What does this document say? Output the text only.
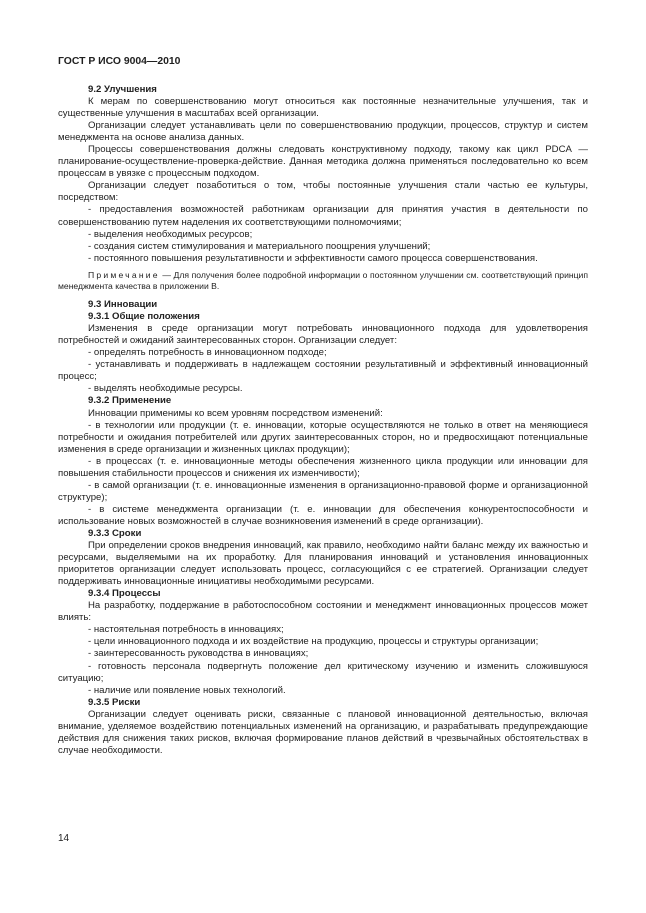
ГОСТ Р ИСО 9004—2010

9.2 Улучшения

К мерам по совершенствованию могут относиться как постоянные незначительные улучшения, так и существенные улучшения в масштабах всей организации.

Организации следует устанавливать цели по совершенствованию продукции, процессов, структур и систем менеджмента на основе анализа данных.

Процессы совершенствования должны следовать конструктивному подходу, такому как цикл PDCA — планирование-осуществление-проверка-действие. Данная методика должна применяться последовательно ко всем процессам в увязке с процессным подходом.

Организации следует позаботиться о том, чтобы постоянные улучшения стали частью ее культуры, посредством:

- предоставления возможностей работникам организации для принятия участия в деятельности по совершенствованию путем наделения их соответствующими полномочиями;

- выделения необходимых ресурсов;

- создания систем стимулирования и материального поощрения улучшений;

- постоянного повышения результативности и эффективности самого процесса совершенствования.

Примечание — Для получения более подробной информации о постоянном улучшении см. соответствующий принцип менеджмента качества в приложении В.

9.3 Инновации

9.3.1 Общие положения

Изменения в среде организации могут потребовать инновационного подхода для удовлетворения потребностей и ожиданий заинтересованных сторон. Организации следует:

- определять потребность в инновационном подходе;

- устанавливать и поддерживать в надлежащем состоянии результативный и эффективный инновационный процесс;

- выделять необходимые ресурсы.

9.3.2 Применение

Инновации применимы ко всем уровням посредством изменений:

- в технологии или продукции (т. е. инновации, которые осуществляются не только в ответ на меняющиеся потребности и ожидания потребителей или других заинтересованных сторон, но и предвосхищают потенциальные изменения в среде организации и жизненных циклах продукции);

- в процессах (т. е. инновационные методы обеспечения жизненного цикла продукции или инновации для повышения стабильности процессов и снижения их изменчивости);

- в самой организации (т. е. инновационные изменения в организационно-правовой форме и организационной структуре);

- в системе менеджмента организации (т. е. инновации для обеспечения конкурентоспособности и использование новых возможностей в случае возникновения изменений в среде организации).

9.3.3 Сроки

При определении сроков внедрения инноваций, как правило, необходимо найти баланс между их важностью и ресурсами, выделяемыми на их проработку. Для планирования инноваций и установления инновационных приоритетов организации следует использовать процесс, согласующийся с ее стратегией. Организации следует поддерживать инновационные инициативы необходимыми ресурсами.

9.3.4 Процессы

На разработку, поддержание в работоспособном состоянии и менеджмент инновационных процессов может влиять:

- настоятельная потребность в инновациях;

- цели инновационного подхода и их воздействие на продукцию, процессы и структуры организации;

- заинтересованность руководства в инновациях;

- готовность персонала подвергнуть положение дел критическому изучению и изменить сложившуюся ситуацию;

- наличие или появление новых технологий.

9.3.5 Риски

Организации следует оценивать риски, связанные с плановой инновационной деятельностью, включая внимание, уделяемое воздействию потенциальных изменений на организацию, и разрабатывать предупреждающие действия для снижения таких рисков, включая формирование планов действий в чрезвычайных обстоятельствах в случае необходимости.

14
